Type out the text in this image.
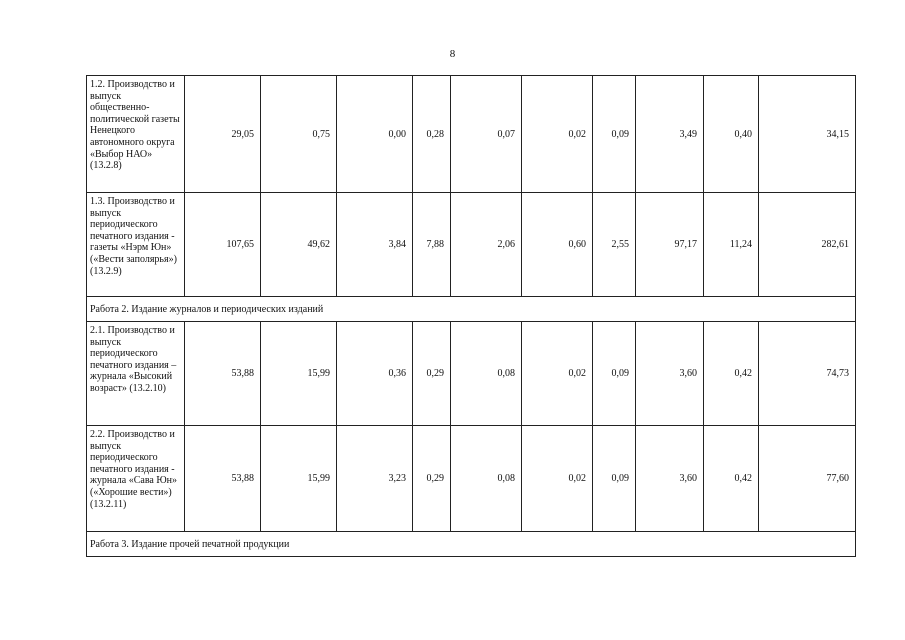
8
1.2. Производство и выпуск общественно-политической газеты Ненецкого автономного округа «Выбор НАО» (13.2.8)	29,05	0,75	0,00	0,28	0,07	0,02	0,09	3,49	0,40	34,15
1.3. Производство и выпуск периодического печатного издания - газеты «Нэрм Юн» («Вести заполярья») (13.2.9)	107,65	49,62	3,84	7,88	2,06	0,60	2,55	97,17	11,24	282,61
Работа 2. Издание журналов и периодических изданий										
2.1. Производство и выпуск периодического печатного издания – журнала «Высокий возраст» (13.2.10)	53,88	15,99	0,36	0,29	0,08	0,02	0,09	3,60	0,42	74,73
2.2. Производство и выпуск периодического печатного издания - журнала «Сава Юн» («Хорошие вести») (13.2.11)	53,88	15,99	3,23	0,29	0,08	0,02	0,09	3,60	0,42	77,60
Работа 3. Издание прочей печатной продукции										
